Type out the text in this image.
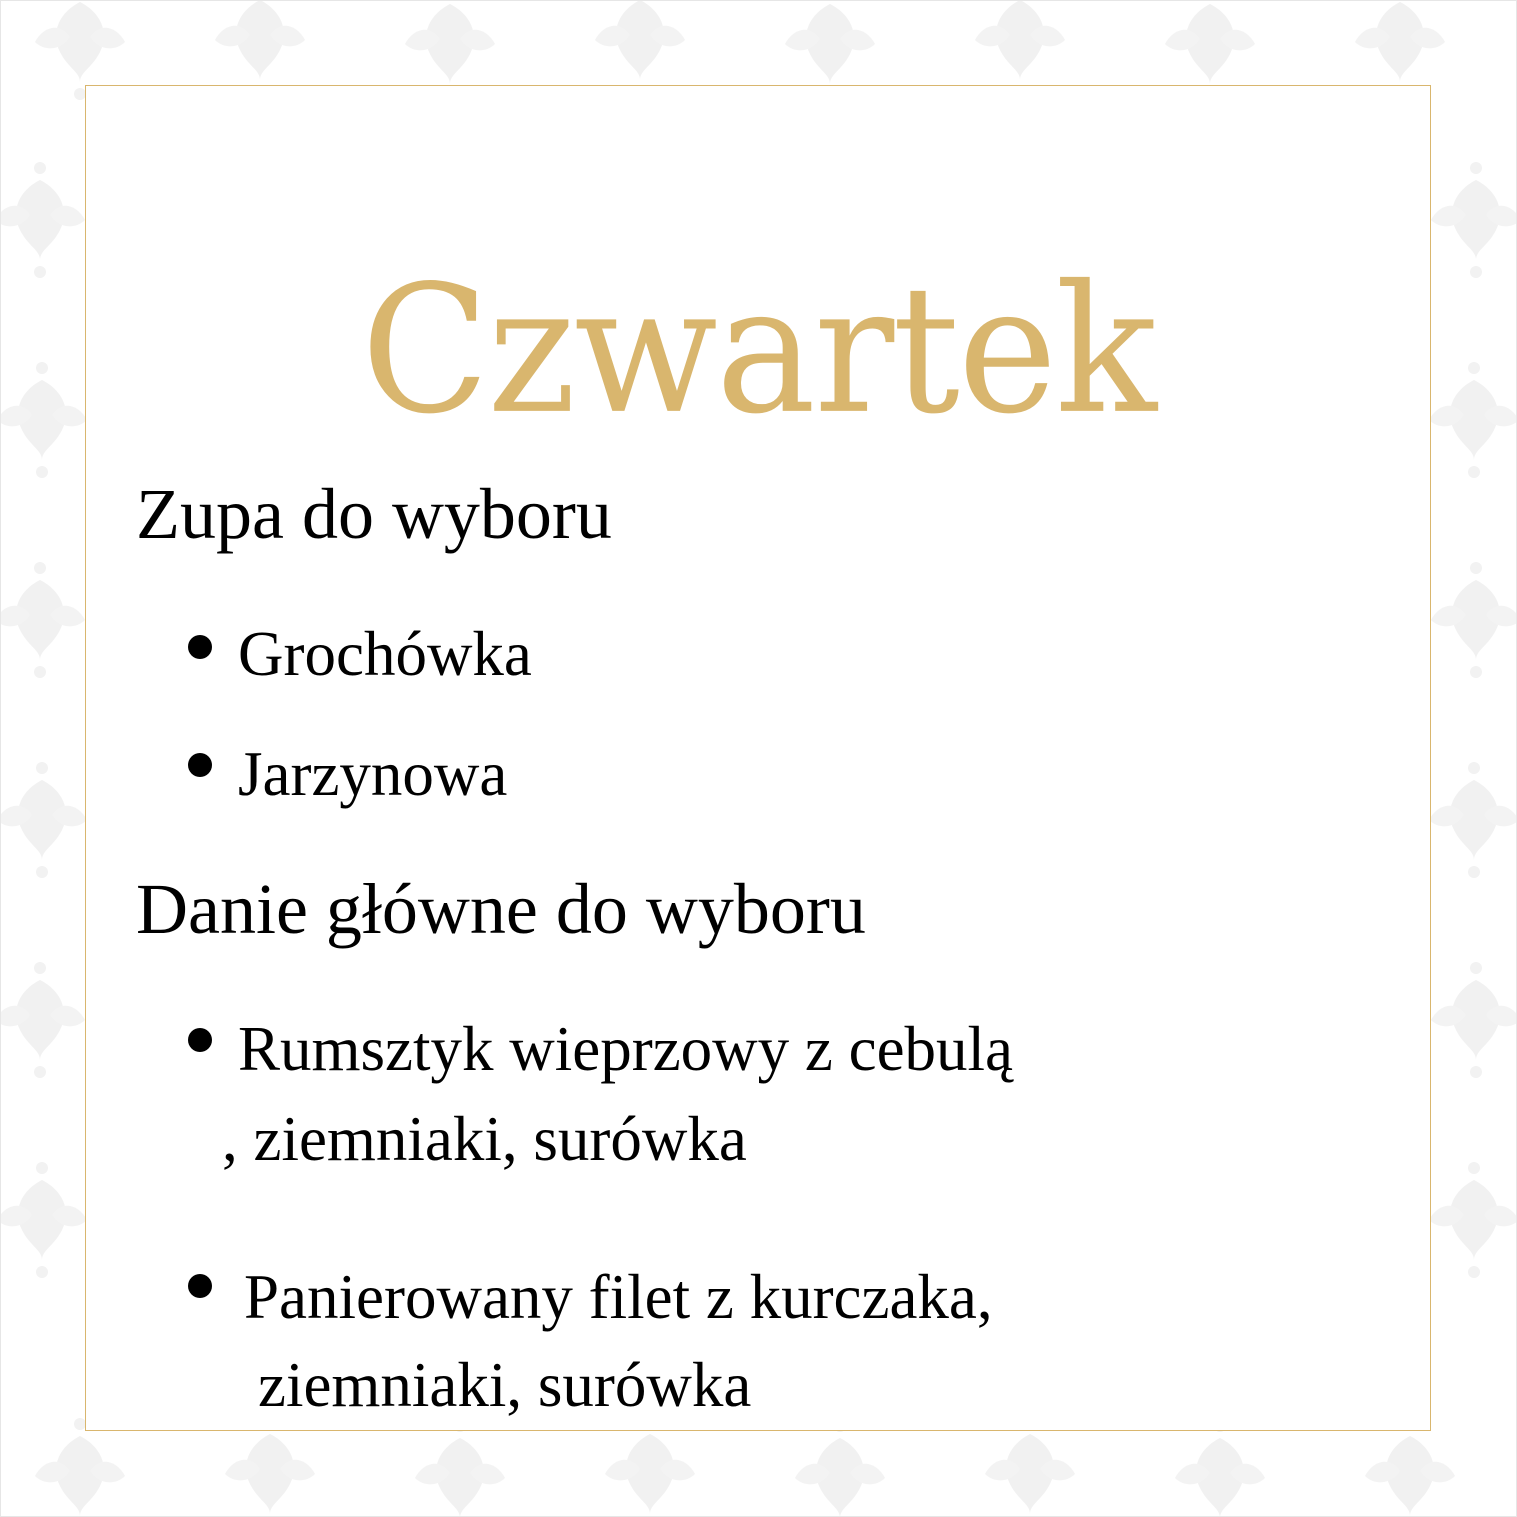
Czwartek
Zupa do wyboru
Grochówka
Jarzynowa
Danie główne do wyboru
Rumsztyk wieprzowy z cebulą
, ziemniaki, surówka
Panierowany filet z kurczaka,
ziemniaki, surówka
